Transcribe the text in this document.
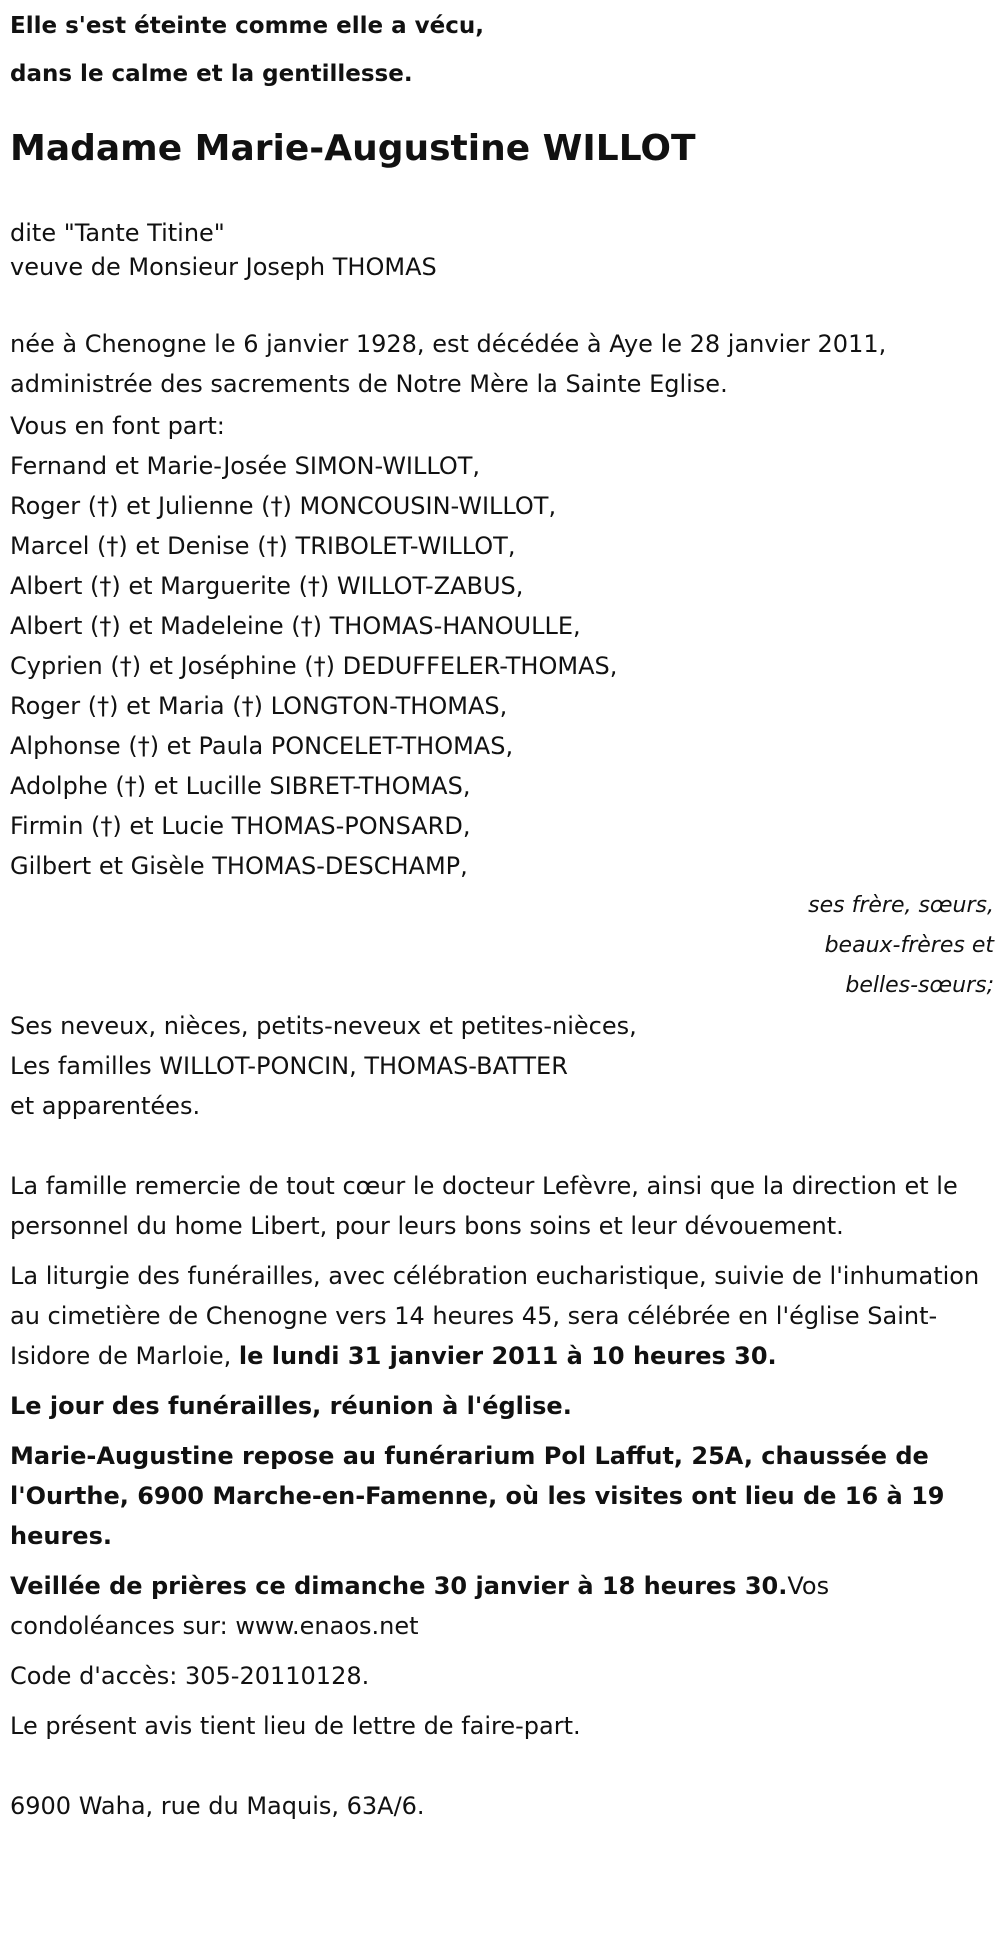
Elle s'est éteinte comme elle a vécu,
dans le calme et la gentillesse.
Madame Marie-Augustine WILLOT
dite "Tante Titine"
veuve de Monsieur Joseph THOMAS
née à Chenogne le 6 janvier 1928, est décédée à Aye le 28 janvier 2011, administrée des sacrements de Notre Mère la Sainte Eglise.
Vous en font part:
Fernand et Marie-Josée SIMON-WILLOT,
Roger (†) et Julienne (†) MONCOUSIN-WILLOT,
Marcel (†) et Denise (†) TRIBOLET-WILLOT,
Albert (†) et Marguerite (†) WILLOT-ZABUS,
Albert (†) et Madeleine (†) THOMAS-HANOULLE,
Cyprien (†) et Joséphine (†) DEDUFFELER-THOMAS,
Roger (†) et Maria (†) LONGTON-THOMAS,
Alphonse (†) et Paula PONCELET-THOMAS,
Adolphe (†) et Lucille SIBRET-THOMAS,
Firmin (†) et Lucie THOMAS-PONSARD,
Gilbert et Gisèle THOMAS-DESCHAMP,
ses frère, sœurs,
beaux-frères et
belles-sœurs;
Ses neveux, nièces, petits-neveux et petites-nièces,
Les familles WILLOT-PONCIN, THOMAS-BATTER
et apparentées.
La famille remercie de tout cœur le docteur Lefèvre, ainsi que la direction et le personnel du home Libert, pour leurs bons soins et leur dévouement.
La liturgie des funérailles, avec célébration eucharistique, suivie de l'inhumation au cimetière de Chenogne vers 14 heures 45, sera célébrée en l'église Saint-Isidore de Marloie, le lundi 31 janvier 2011 à 10 heures 30.
Le jour des funérailles, réunion à l'église.
Marie-Augustine repose au funérarium Pol Laffut, 25A, chaussée de l'Ourthe, 6900 Marche-en-Famenne, où les visites ont lieu de 16 à 19 heures.
Veillée de prières ce dimanche 30 janvier à 18 heures 30.Vos condoléances sur: www.enaos.net
Code d'accès: 305-20110128.
Le présent avis tient lieu de lettre de faire-part.
6900 Waha, rue du Maquis, 63A/6.
